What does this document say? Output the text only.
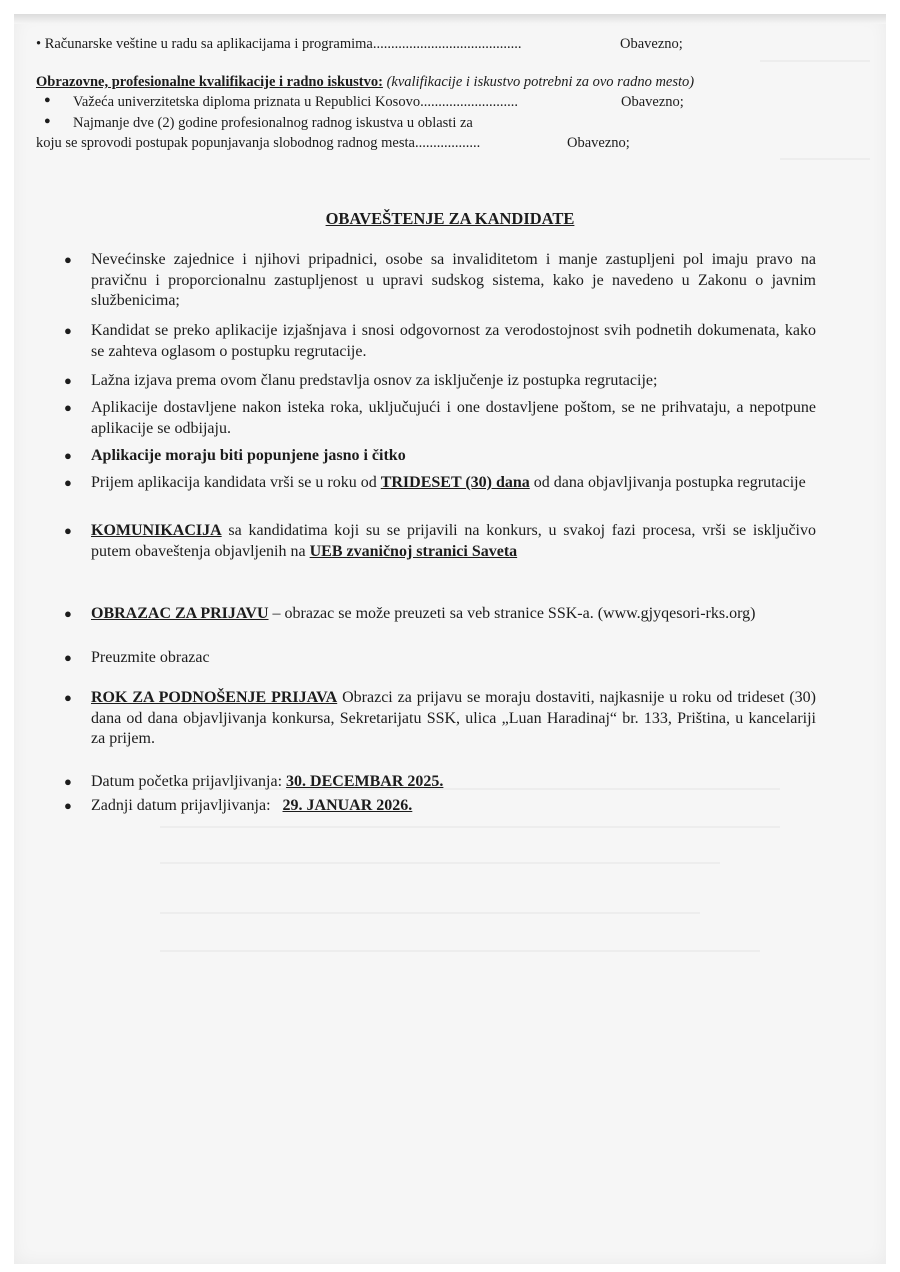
• Računarske veštine u radu sa aplikacijama i programima.........................................	Obavezno;
Obrazovne, profesionalne kvalifikacije i radno iskustvo: (kvalifikacije i iskustvo potrebni za ovo radno mesto)
● Važeća univerzitetska diploma priznata u Republici Kosovo...........................	Obavezno;
● Najmanje dve (2) godine profesionalnog radnog iskustva u oblasti za
koju se sprovodi postupak popunjavanja slobodnog radnog mesta..................	Obavezno;
OBAVEŠTENJE ZA KANDIDATE
●	Nevećinske zajednice i njihovi pripadnici, osobe sa invaliditetom i manje zastupljeni pol imaju pravo na pravičnu i proporcionalnu zastupljenost u upravi sudskog sistema, kako je navedeno u Zakonu o javnim službenicima;
●	Kandidat se preko aplikacije izjašnjava i snosi odgovornost za verodostojnost svih podnetih dokumenata, kako se zahteva oglasom o postupku regrutacije.
●	Lažna izjava prema ovom članu predstavlja osnov za isključenje iz postupka regrutacije;
●	Aplikacije dostavljene nakon isteka roka, uključujući i one dostavljene poštom, se ne prihvataju, a nepotpune aplikacije se odbijaju.
●	Aplikacije moraju biti popunjene jasno i čitko
●	Prijem aplikacija kandidata vrši se u roku od TRIDESET (30) dana od dana objavljivanja postupka regrutacije
●	KOMUNIKACIJA sa kandidatima koji su se prijavili na konkurs, u svakoj fazi procesa, vrši se isključivo putem obaveštenja objavljenih na UEB zvaničnoj stranici Saveta
●	OBRAZAC ZA PRIJAVU – obrazac se može preuzeti sa veb stranice SSK-a. (www.gjyqesori-rks.org)
●	Preuzmite obrazac
●	ROK ZA PODNOŠENJE PRIJAVA Obrazci za prijavu se moraju dostaviti, najkasnije u roku od trideset (30) dana od dana objavljivanja konkursa, Sekretarijatu SSK, ulica „Luan Haradinaj“ br. 133, Priština, u kancelariji za prijem.
●	Datum početka prijavljivanja: 30. DECEMBAR 2025.
●	Zadnji datum prijavljivanja:   29. JANUAR 2026.
